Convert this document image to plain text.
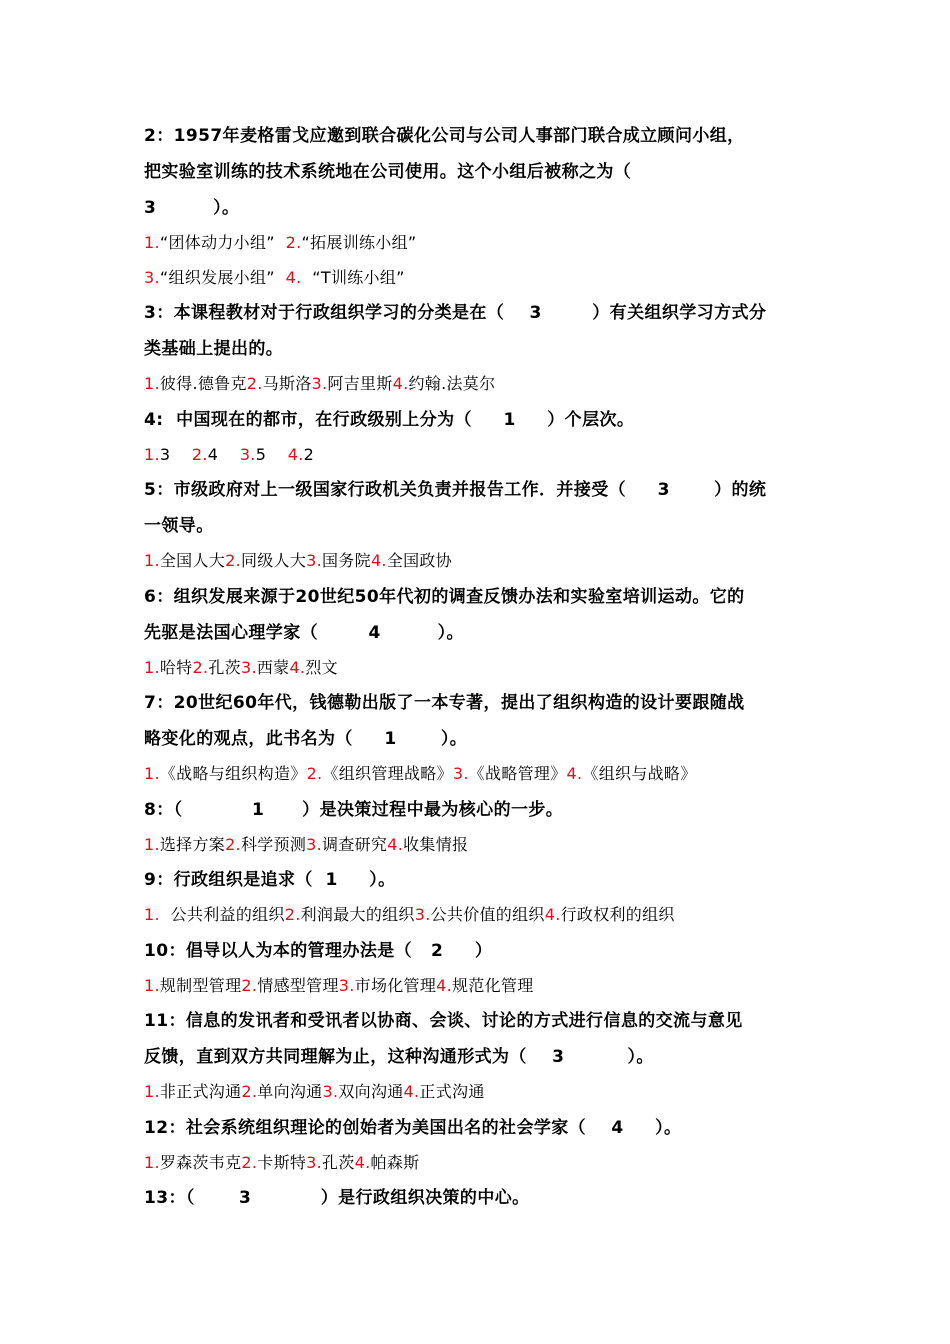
2：1957年麦格雷戈应邀到联合碳化公司与公司人事部门联合成立顾问小组，
把实验室训练的技术系统地在公司使用。这个小组后被称之为（
3         ）。
1.“团体动力小组”  2.“拓展训练小组”
3.“组织发展小组”  4.  “T训练小组”
3：本课程教材对于行政组织学习的分类是在（    3        ）有关组织学习方式分
类基础上提出的。
1.彼得.德鲁克2.马斯洛3.阿吉里斯4.约翰.法莫尔
4:  中国现在的都市，在行政级别上分为（     1     ）个层次。
1.3    2.4    3.5    4.2
5：市级政府对上一级国家行政机关负责并报告工作．并接受（     3       ）的统
一领导。
1.全国人大2.同级人大3.国务院4.全国政协
6：组织发展来源于20世纪50年代初的调查反馈办法和实验室培训运动。它的
先驱是法国心理学家（        4         ）。
1.哈特2.孔茨3.西蒙4.烈文
7：20世纪60年代，钱德勒出版了一本专著，提出了组织构造的设计要跟随战
略变化的观点，此书名为（     1       ）。
1.《战略与组织构造》2.《组织管理战略》3.《战略管理》4.《组织与战略》
8：（           1      ）是决策过程中最为核心的一步。
1.选择方案2.科学预测3.调查研究4.收集情报
9：行政组织是追求（  1     ）。
1.  公共利益的组织2.利润最大的组织3.公共价值的组织4.行政权利的组织
10：倡导以人为本的管理办法是（   2     ）
1.规制型管理2.情感型管理3.市场化管理4.规范化管理
11：信息的发讯者和受讯者以协商、会谈、讨论的方式进行信息的交流与意见
反馈，直到双方共同理解为止，这种沟通形式为（    3          ）。
1.非正式沟通2.单向沟通3.双向沟通4.正式沟通
12：社会系统组织理论的创始者为美国出名的社会学家（    4     ）。
1.罗森茨韦克2.卡斯特3.孔茨4.帕森斯
13：（       3           ）是行政组织决策的中心。
